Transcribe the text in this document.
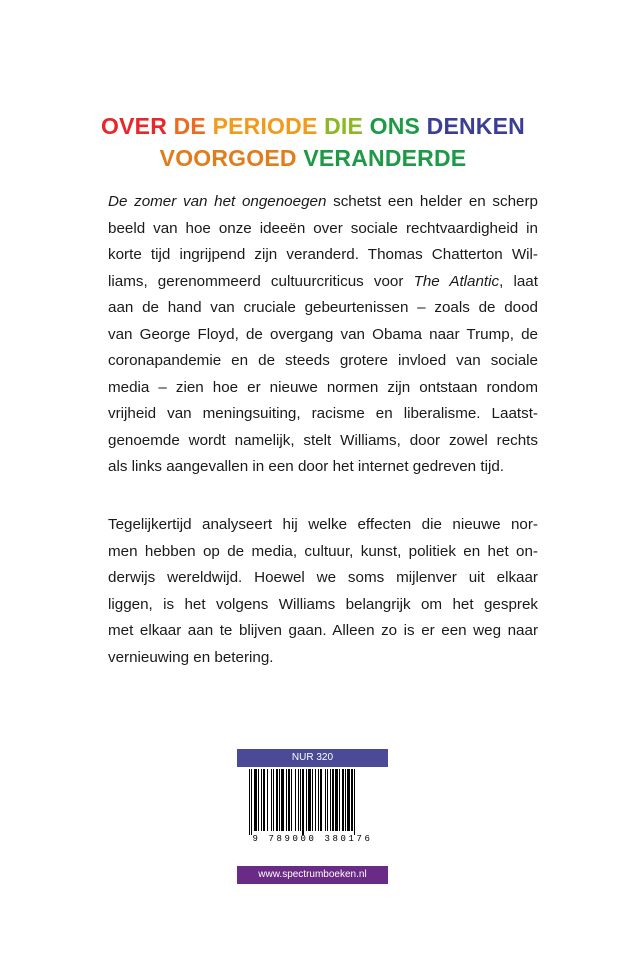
OVER DE PERIODE DIE ONS DENKEN
VOORGOED VERANDERDE
De zomer van het ongenoegen schetst een helder en scherp
beeld van hoe onze ideeën over sociale rechtvaardigheid in
korte tijd ingrijpend zijn veranderd. Thomas Chatterton Wil-
liams, gerenommeerd cultuurcriticus voor The Atlantic, laat
aan de hand van cruciale gebeurtenissen – zoals de dood
van George Floyd, de overgang van Obama naar Trump, de
coronapandemie en de steeds grotere invloed van sociale
media – zien hoe er nieuwe normen zijn ontstaan rondom
vrijheid van meningsuiting, racisme en liberalisme. Laatst-
genoemde wordt namelijk, stelt Williams, door zowel rechts
als links aangevallen in een door het internet gedreven tijd.
Tegelijkertijd analyseert hij welke effecten die nieuwe nor-
men hebben op de media, cultuur, kunst, politiek en het on-
derwijs wereldwijd. Hoewel we soms mijlenver uit elkaar
liggen, is het volgens Williams belangrijk om het gesprek
met elkaar aan te blijven gaan. Alleen zo is er een weg naar
vernieuwing en betering.
NUR 320
9 789000 380176
www.spectrumboeken.nl
